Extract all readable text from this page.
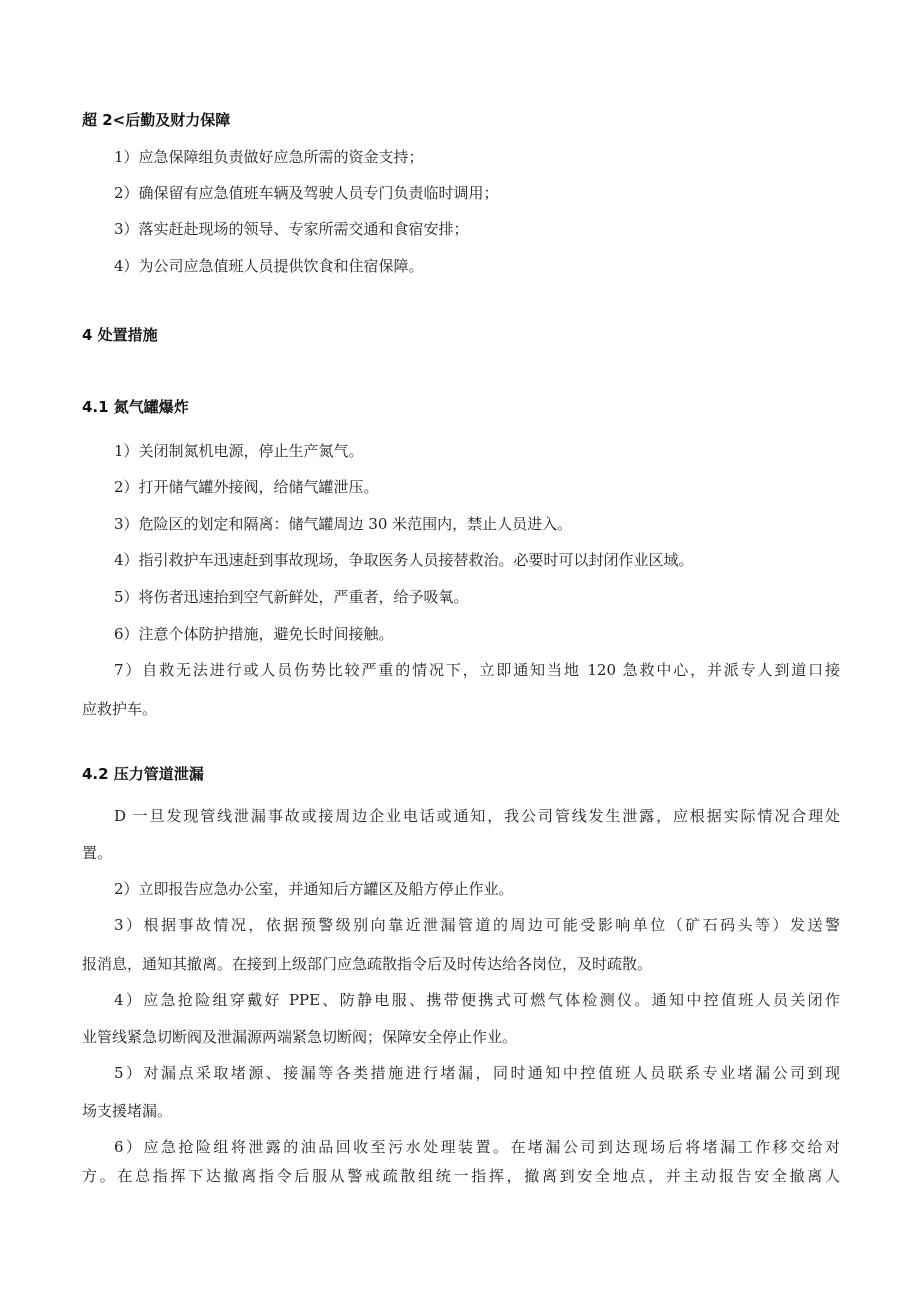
超 2<后勤及财力保障
1）应急保障组负责做好应急所需的资金支持；
2）确保留有应急值班车辆及驾驶人员专门负责临时调用；
3）落实赶赴现场的领导、专家所需交通和食宿安排；
4）为公司应急值班人员提供饮食和住宿保障。
4 处置措施
4.1 氮气罐爆炸
1）关闭制氮机电源，停止生产氮气。
2）打开储气罐外接阀，给储气罐泄压。
3）危险区的划定和隔离：储气罐周边 30 米范围内，禁止人员进入。
4）指引救护车迅速赶到事故现场，争取医务人员接替救治。必要时可以封闭作业区域。
5）将伤者迅速抬到空气新鲜处，严重者，给予吸氧。
6）注意个体防护措施，避免长时间接触。
7）自救无法进行或人员伤势比较严重的情况下，立即通知当地 120 急救中心，并派专人到道口接
应救护车。
4.2 压力管道泄漏
D 一旦发现管线泄漏事故或接周边企业电话或通知，我公司管线发生泄露，应根据实际情况合理处
置。
2）立即报告应急办公室，并通知后方罐区及船方停止作业。
3）根据事故情况，依据预警级别向靠近泄漏管道的周边可能受影响单位（矿石码头等）发送警
报消息，通知其撤离。在接到上级部门应急疏散指令后及时传达给各岗位，及时疏散。
4）应急抢险组穿戴好 PPE、防静电服、携带便携式可燃气体检测仪。通知中控值班人员关闭作
业管线紧急切断阀及泄漏源两端紧急切断阀；保障安全停止作业。
5）对漏点采取堵源、接漏等各类措施进行堵漏，同时通知中控值班人员联系专业堵漏公司到现
场支援堵漏。
6）应急抢险组将泄露的油品回收至污水处理装置。在堵漏公司到达现场后将堵漏工作移交给对
方。在总指挥下达撤离指令后服从警戒疏散组统一指挥，撤离到安全地点，并主动报告安全撤离人
